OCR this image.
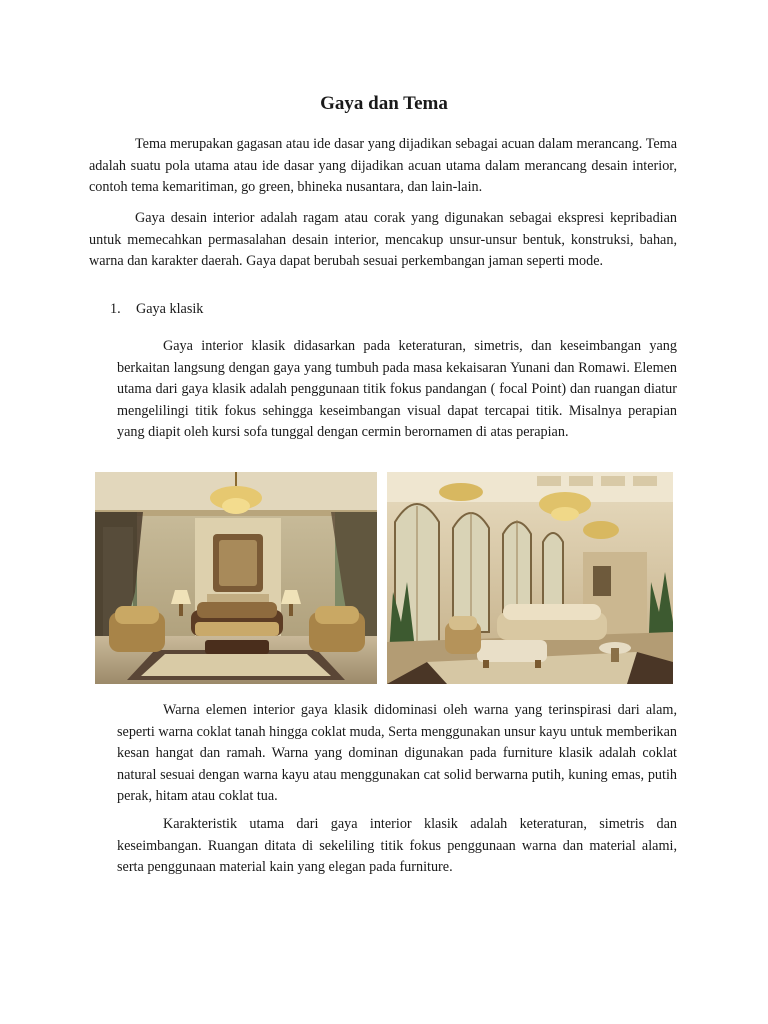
Gaya dan Tema

Tema merupakan gagasan atau ide dasar yang dijadikan sebagai acuan dalam merancang. Tema adalah suatu pola utama atau ide dasar yang dijadikan acuan utama dalam merancang desain interior, contoh tema kemaritiman, go green, bhineka nusantara, dan lain-lain.

Gaya desain interior adalah ragam atau corak yang digunakan sebagai ekspresi kepribadian untuk memecahkan permasalahan desain interior, mencakup unsur-unsur bentuk, konstruksi, bahan, warna dan karakter daerah. Gaya dapat berubah sesuai perkembangan jaman seperti mode.

1. Gaya klasik

Gaya interior klasik didasarkan pada keteraturan, simetris, dan keseimbangan yang berkaitan langsung dengan gaya yang tumbuh pada masa kekaisaran Yunani dan Romawi. Elemen utama dari gaya klasik adalah penggunaan titik fokus pandangan ( focal Point) dan ruangan diatur mengelilingi titik fokus sehingga keseimbangan visual dapat tercapai titik. Misalnya perapian yang diapit oleh kursi sofa tunggal dengan cermin berornamen di atas perapian.

Warna elemen interior gaya klasik didominasi oleh warna yang terinspirasi dari alam, seperti warna coklat tanah hingga coklat muda, Serta menggunakan unsur kayu untuk memberikan kesan hangat dan ramah. Warna yang dominan digunakan pada furniture klasik adalah coklat natural sesuai dengan warna kayu atau menggunakan cat solid berwarna putih, kuning emas, putih perak, hitam atau coklat tua.

Karakteristik utama dari gaya interior klasik adalah keteraturan, simetris dan keseimbangan. Ruangan ditata di sekeliling titik fokus penggunaan warna dan material alami, serta penggunaan material kain yang elegan pada furniture.
